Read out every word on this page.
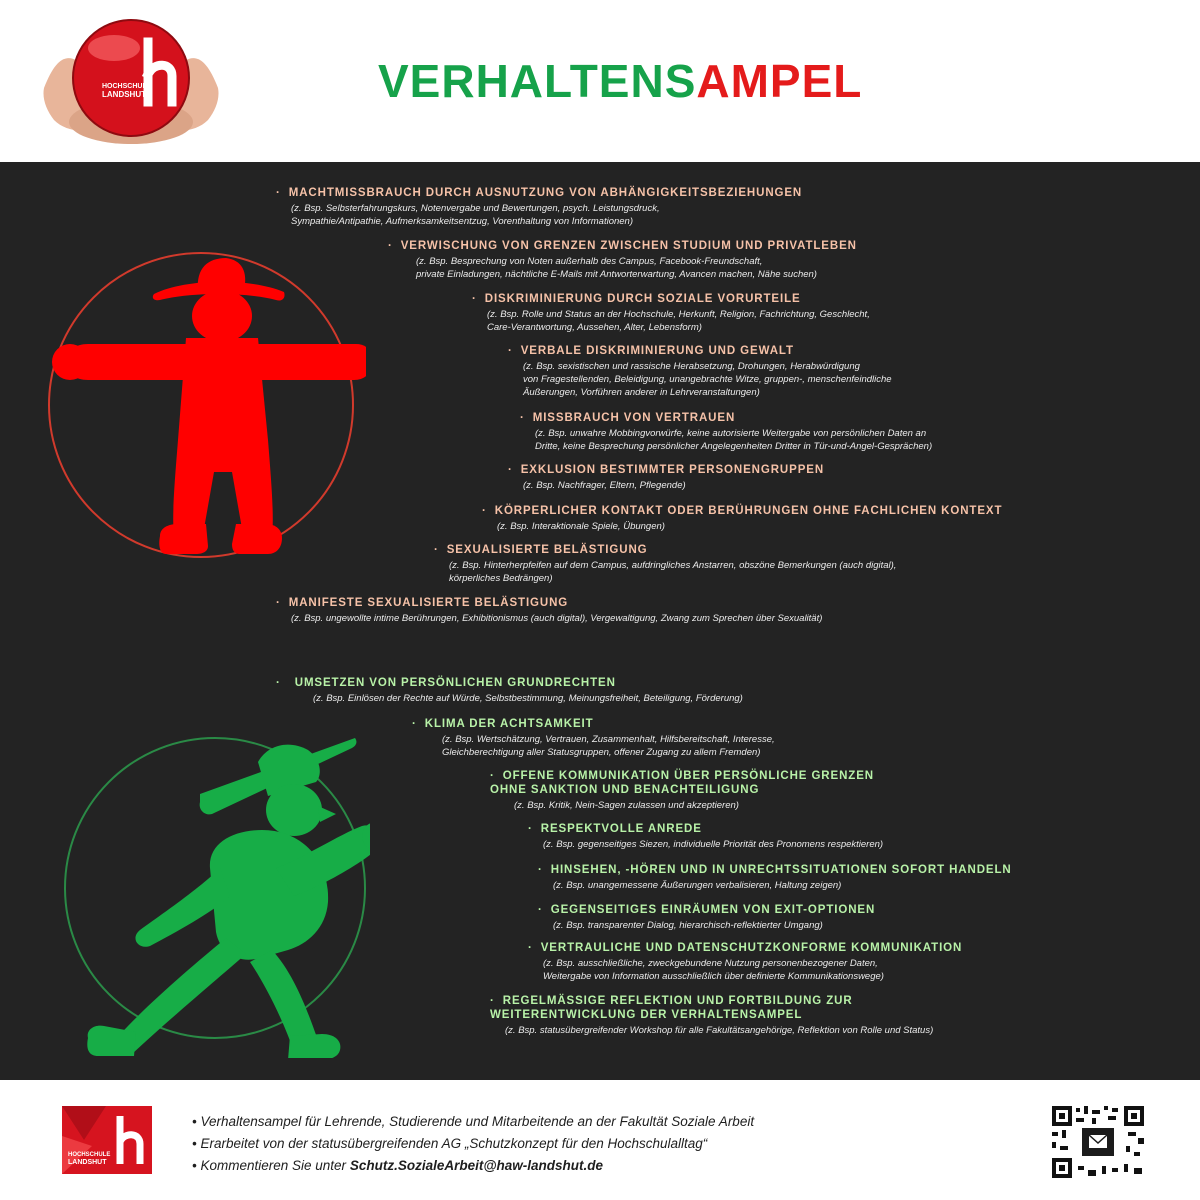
HOCHSCHULE
LANDSHUT	VERHALTENSAMPEL
· MACHTMISSBRAUCH DURCH AUSNUTZUNG VON ABHÄNGIGKEITSBEZIEHUNGEN
(z. Bsp. Selbsterfahrungskurs, Notenvergabe und Bewertungen, psych. Leistungsdruck,
Sympathie/Antipathie, Aufmerksamkeitsentzug, Vorenthaltung von Informationen)
· VERWISCHUNG VON GRENZEN ZWISCHEN STUDIUM UND PRIVATLEBEN
(z. Bsp. Besprechung von Noten außerhalb des Campus, Facebook-Freundschaft,
private Einladungen, nächtliche E-Mails mit Antworterwartung, Avancen machen, Nähe suchen)
· DISKRIMINIERUNG DURCH SOZIALE VORURTEILE
(z. Bsp. Rolle und Status an der Hochschule, Herkunft, Religion, Fachrichtung, Geschlecht,
Care-Verantwortung, Aussehen, Alter, Lebensform)
· VERBALE DISKRIMINIERUNG UND GEWALT
(z. Bsp. sexistischen und rassische Herabsetzung, Drohungen, Herabwürdigung
von Fragestellenden, Beleidigung, unangebrachte Witze, gruppen-, menschenfeindliche
Äußerungen, Vorführen anderer in Lehrveranstaltungen)
· MISSBRAUCH VON VERTRAUEN
(z. Bsp. unwahre Mobbingvorwürfe, keine autorisierte Weitergabe von persönlichen Daten an
Dritte, keine Besprechung persönlicher Angelegenheiten Dritter in Tür-und-Angel-Gesprächen)
· EXKLUSION BESTIMMTER PERSONENGRUPPEN
(z. Bsp. Nachfrager, Eltern, Pflegende)
· KÖRPERLICHER KONTAKT ODER BERÜHRUNGEN OHNE FACHLICHEN KONTEXT
(z. Bsp. Interaktionale Spiele, Übungen)
· SEXUALISIERTE BELÄSTIGUNG
(z. Bsp. Hinterherpfeifen auf dem Campus, aufdringliches Anstarren, obszöne Bemerkungen (auch digital),
körperliches Bedrängen)
· MANIFESTE SEXUALISIERTE BELÄSTIGUNG
(z. Bsp. ungewollte intime Berührungen, Exhibitionismus (auch digital), Vergewaltigung, Zwang zum Sprechen über Sexualität)
· UMSETZEN VON PERSÖNLICHEN GRUNDRECHTEN
(z. Bsp. Einlösen der Rechte auf Würde, Selbstbestimmung, Meinungsfreiheit, Beteiligung, Förderung)
· KLIMA DER ACHTSAMKEIT
(z. Bsp. Wertschätzung, Vertrauen, Zusammenhalt, Hilfsbereitschaft, Interesse,
Gleichberechtigung aller Statusgruppen, offener Zugang zu allem Fremden)
· OFFENE KOMMUNIKATION ÜBER PERSÖNLICHE GRENZEN
OHNE SANKTION UND BENACHTEILIGUNG
(z. Bsp. Kritik, Nein-Sagen zulassen und akzeptieren)
· RESPEKTVOLLE ANREDE
(z. Bsp. gegenseitiges Siezen, individuelle Priorität des Pronomens respektieren)
· HINSEHEN, -HÖREN UND IN UNRECHTSSITUATIONEN SOFORT HANDELN
(z. Bsp. unangemessene Äußerungen verbalisieren, Haltung zeigen)
· GEGENSEITIGES EINRÄUMEN VON EXIT-OPTIONEN
(z. Bsp. transparenter Dialog, hierarchisch-reflektierter Umgang)
· VERTRAULICHE UND DATENSCHUTZKONFORME KOMMUNIKATION
(z. Bsp. ausschließliche, zweckgebundene Nutzung personenbezogener Daten,
Weitergabe von Information ausschließlich über definierte Kommunikationswege)
· REGELMÄSSIGE REFLEKTION UND FORTBILDUNG ZUR
WEITERENTWICKLUNG DER VERHALTENSAMPEL
(z. Bsp. statusübergreifender Workshop für alle Fakultätsangehörige, Reflektion von Rolle und Status)
HOCHSCHULE
LANDSHUT
• Verhaltensampel für Lehrende, Studierende und Mitarbeitende an der Fakultät Soziale Arbeit
• Erarbeitet von der statusübergreifenden AG „Schutzkonzept für den Hochschulalltag“
• Kommentieren Sie unter Schutz.SozialeArbeit@haw-landshut.de
